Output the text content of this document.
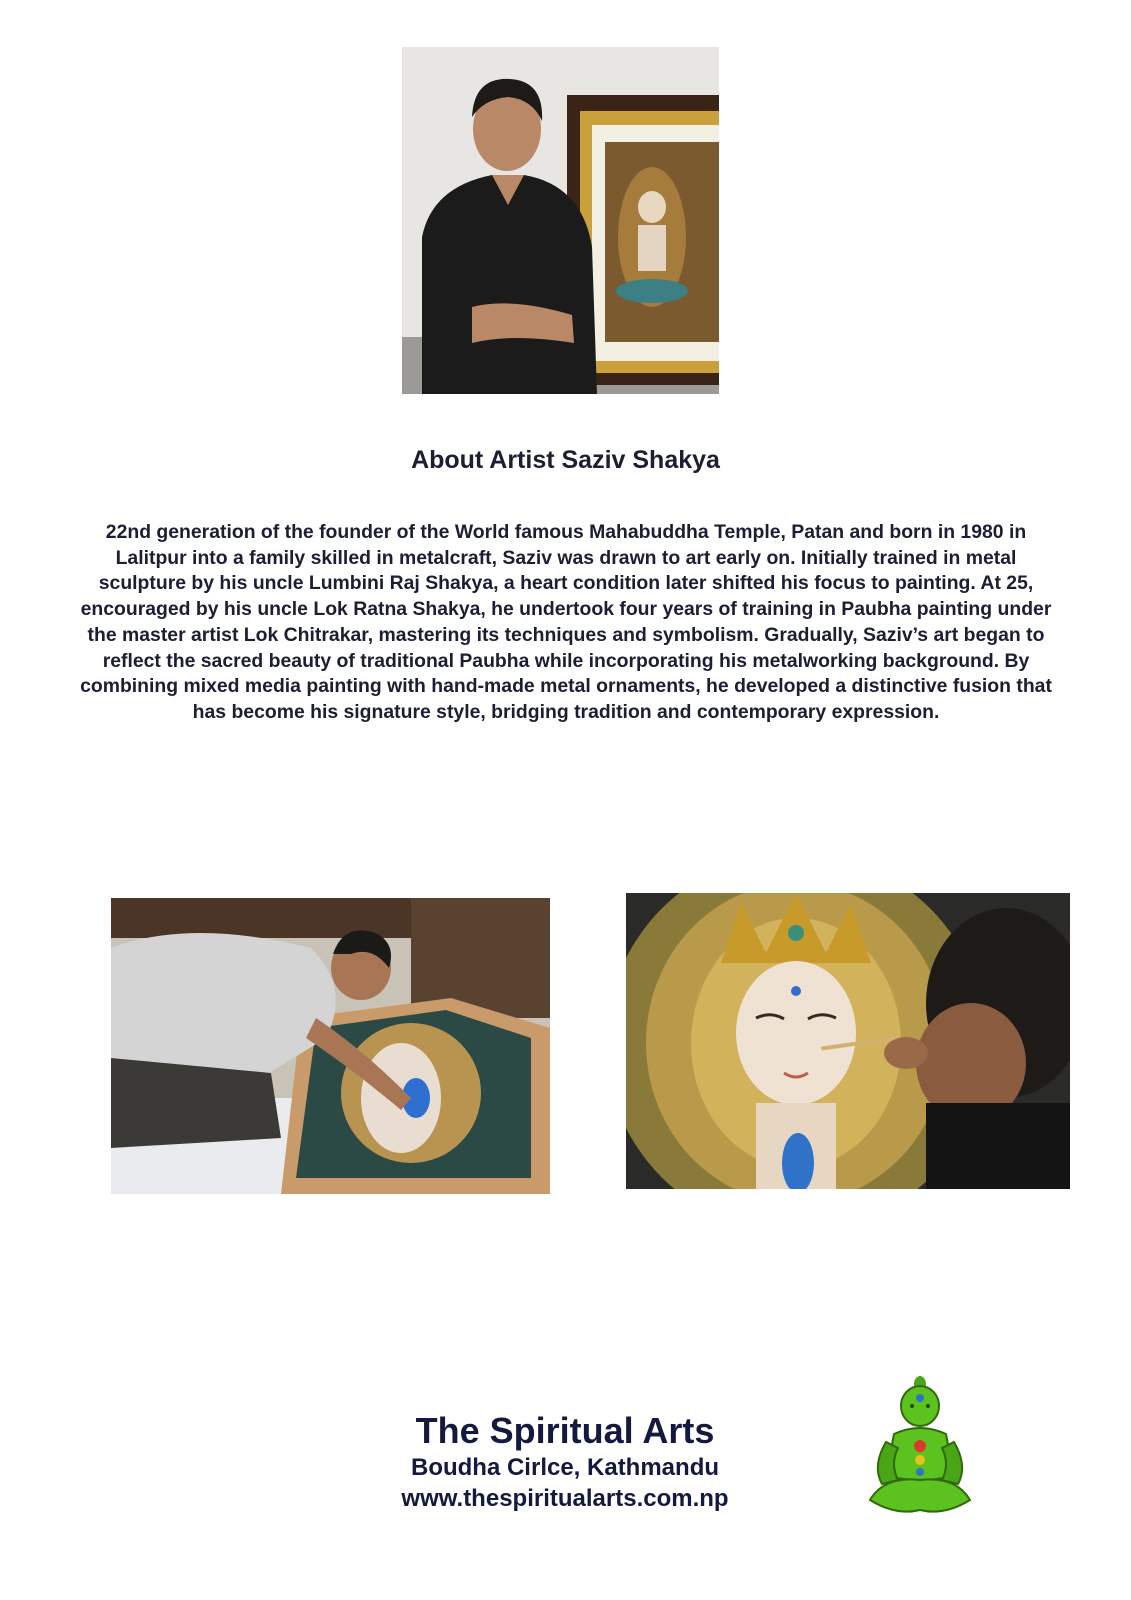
About Artist Saziv Shakya

22nd generation of the founder of the World famous Mahabuddha Temple, Patan and born in 1980 in Lalitpur into a family skilled in metalcraft, Saziv was drawn to art early on. Initially trained in metal sculpture by his uncle Lumbini Raj Shakya, a heart condition later shifted his focus to painting. At 25, encouraged by his uncle Lok Ratna Shakya, he undertook four years of training in Paubha painting under the master artist Lok Chitrakar, mastering its techniques and symbolism. Gradually, Saziv’s art began to reflect the sacred beauty of traditional Paubha while incorporating his metalworking background. By combining mixed media painting with hand-made metal ornaments, he developed a distinctive fusion that has become his signature style, bridging tradition and contemporary expression.

The Spiritual Arts
Boudha Cirlce, Kathmandu
www.thespiritualarts.com.np
